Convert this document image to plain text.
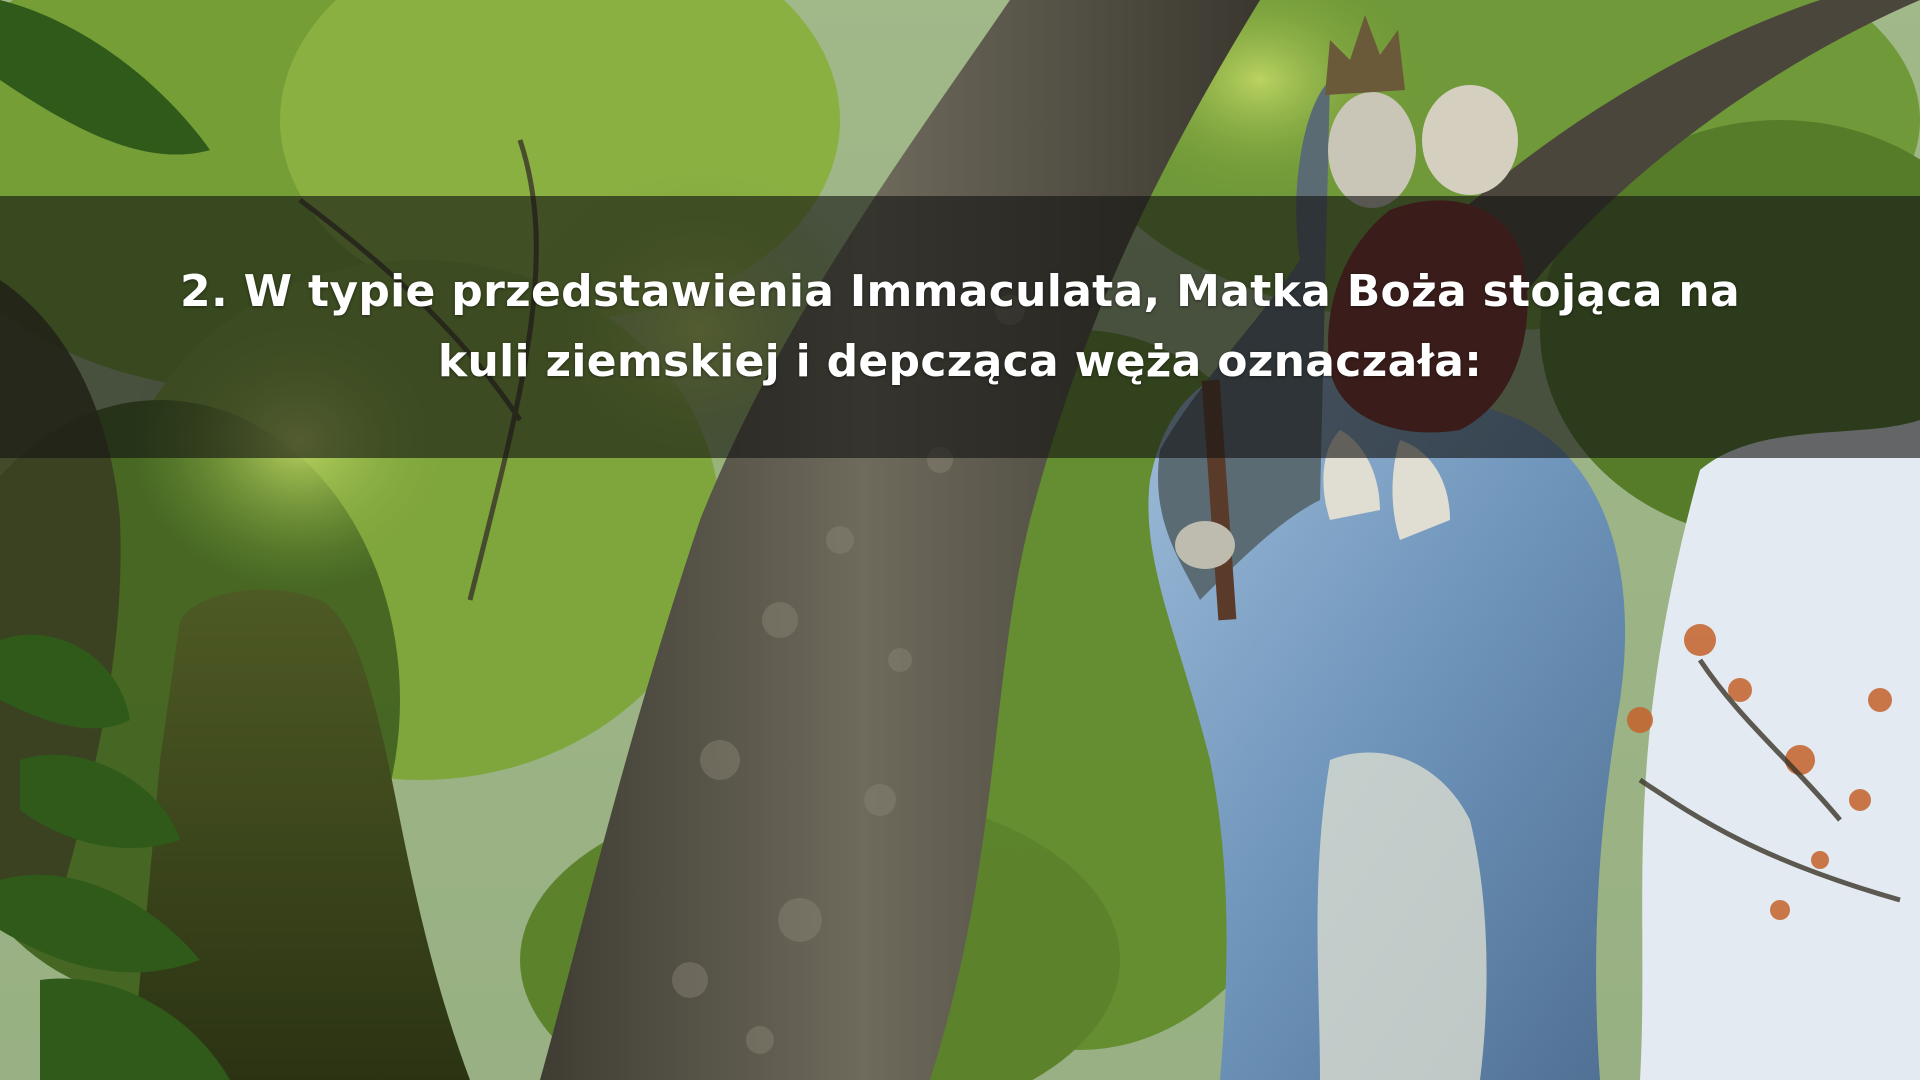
2. W typie przedstawienia Immaculata, Matka Boża stojąca na kuli ziemskiej i depcząca węża oznaczała:
